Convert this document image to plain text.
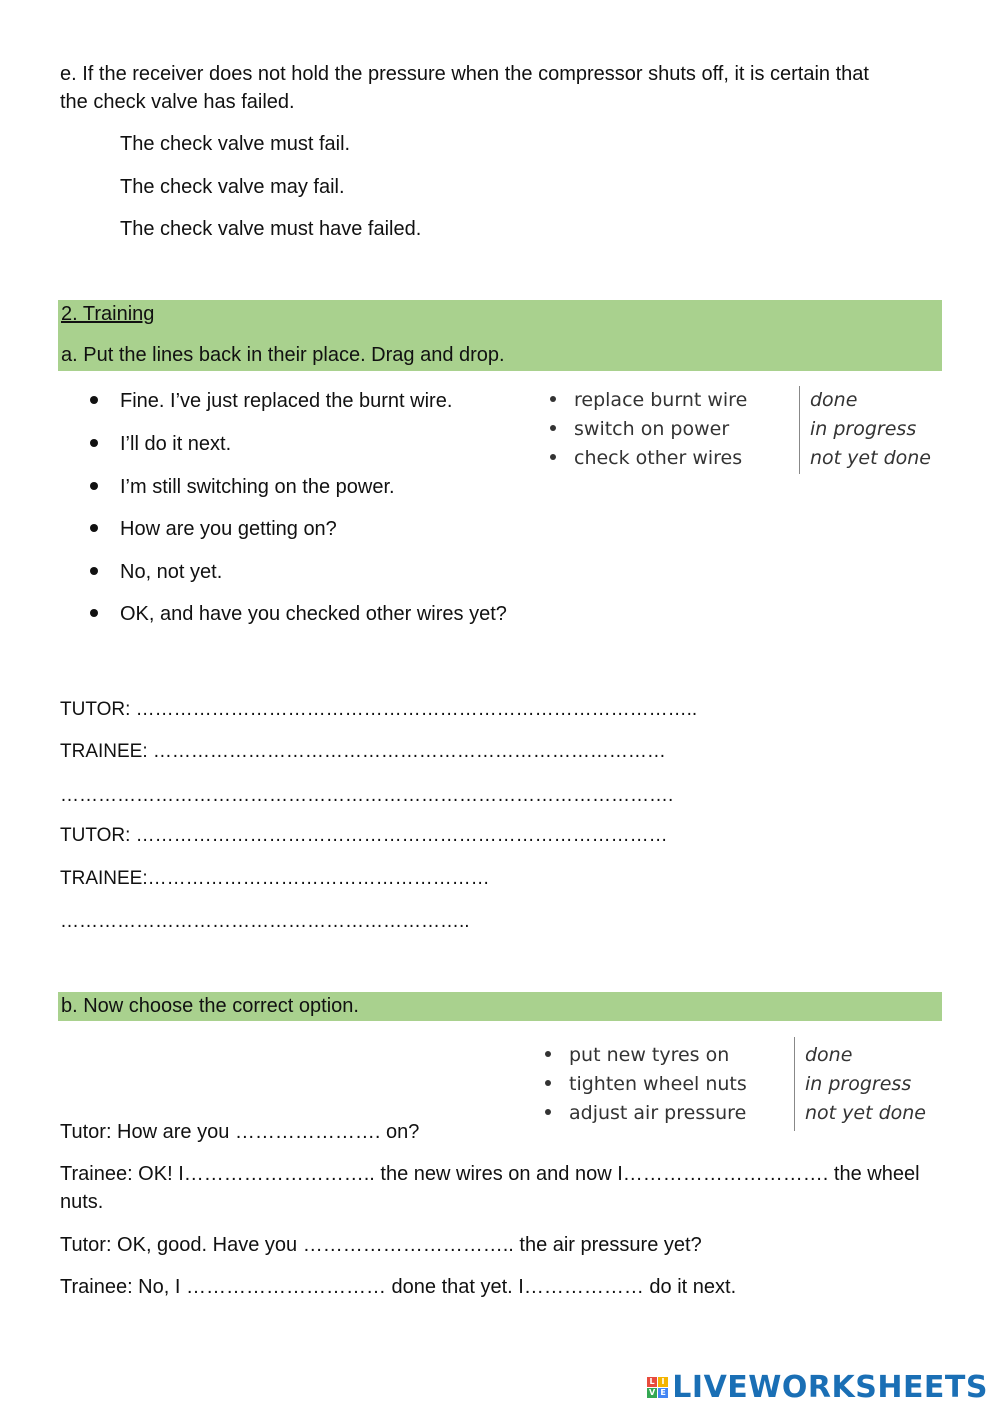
e. If the receiver does not hold the pressure when the compressor shuts off, it is certain that the check valve has failed.
The check valve must fail.
The check valve may fail.
The check valve must have failed.
2. Training
a. Put the lines back in their place. Drag and drop.
Fine. I’ve just replaced the burnt wire.
I’ll do it next.
I’m still switching on the power.
How are you getting on?
No, not yet.
OK, and have you checked other wires yet?
replace burnt wire
switch on power
check other wires
done
in progress
not yet done
TUTOR: ……………………………………………………………………………..
TRAINEE: ………………………………………………………………………
…………………………………………………………………………………….
TUTOR: …………………………………………………………………………
TRAINEE:………………………………………………
………………………………………………………..
b. Now choose the correct option.
put new tyres on
tighten wheel nuts
adjust air pressure
done
in progress
not yet done
Tutor: How are you …………………. on?
Trainee: OK! I……………………….. the new wires on and now I…………………………. the wheel nuts.
Tutor: OK, good. Have you ………………………….. the air pressure yet?
Trainee: No, I ………………………… done that yet. I……………… do it next.
L I
V E LIVEWORKSHEETS
